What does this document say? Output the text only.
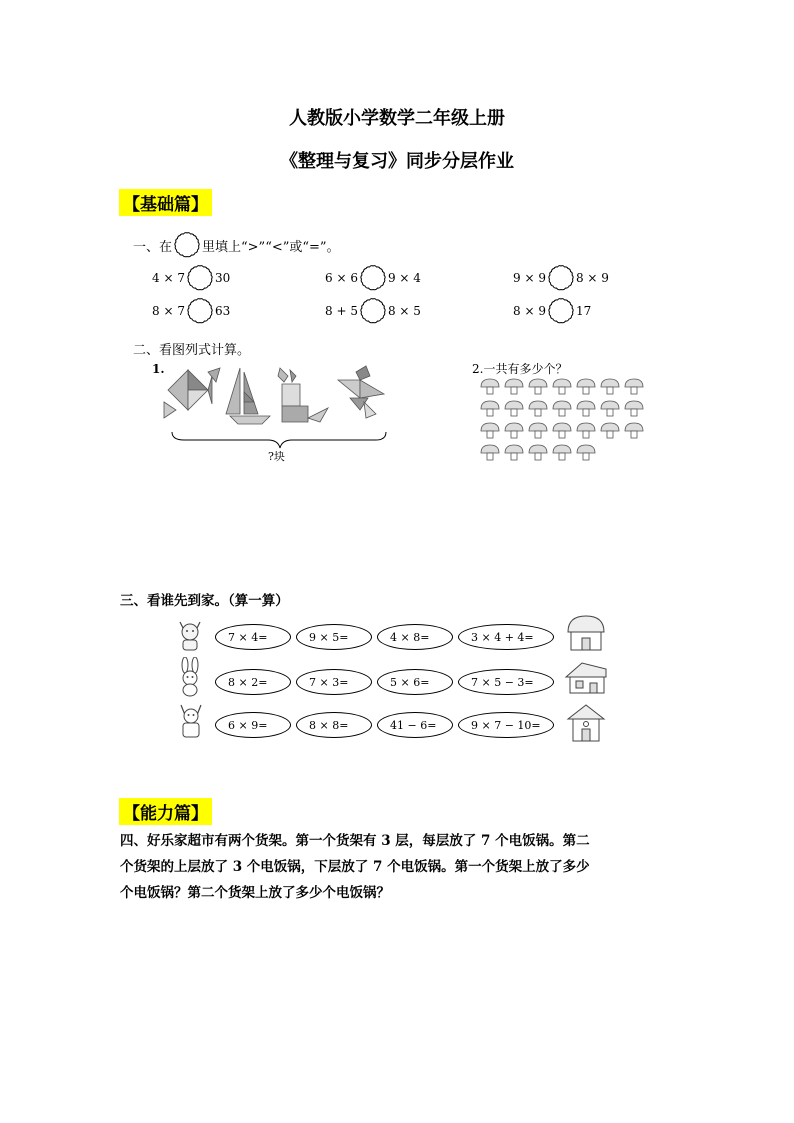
人教版小学数学二年级上册
《整理与复习》同步分层作业
【基础篇】
一、在 里填上“>”“<”或“=”。
4 × 7	30	6 × 6	9 × 4	9 × 9	8 × 9
8 × 7	63	8 + 5	8 × 5	8 × 9	17
二、看图列式计算。
1.
?块
2.一共有多少个？
三、看谁先到家。（算一算）
7 × 4=	9 × 5=	4 × 8=	3 × 4 + 4=
8 × 2=	7 × 3=	5 × 6=	7 × 5 − 3=
6 × 9=	8 × 8=	41 − 6=	9 × 7 − 10=
【能力篇】
四、好乐家超市有两个货架。第一个货架有 3 层，每层放了 7 个电饭锅。第二
个货架的上层放了 3 个电饭锅，下层放了 7 个电饭锅。第一个货架上放了多少
个电饭锅？第二个货架上放了多少个电饭锅？
